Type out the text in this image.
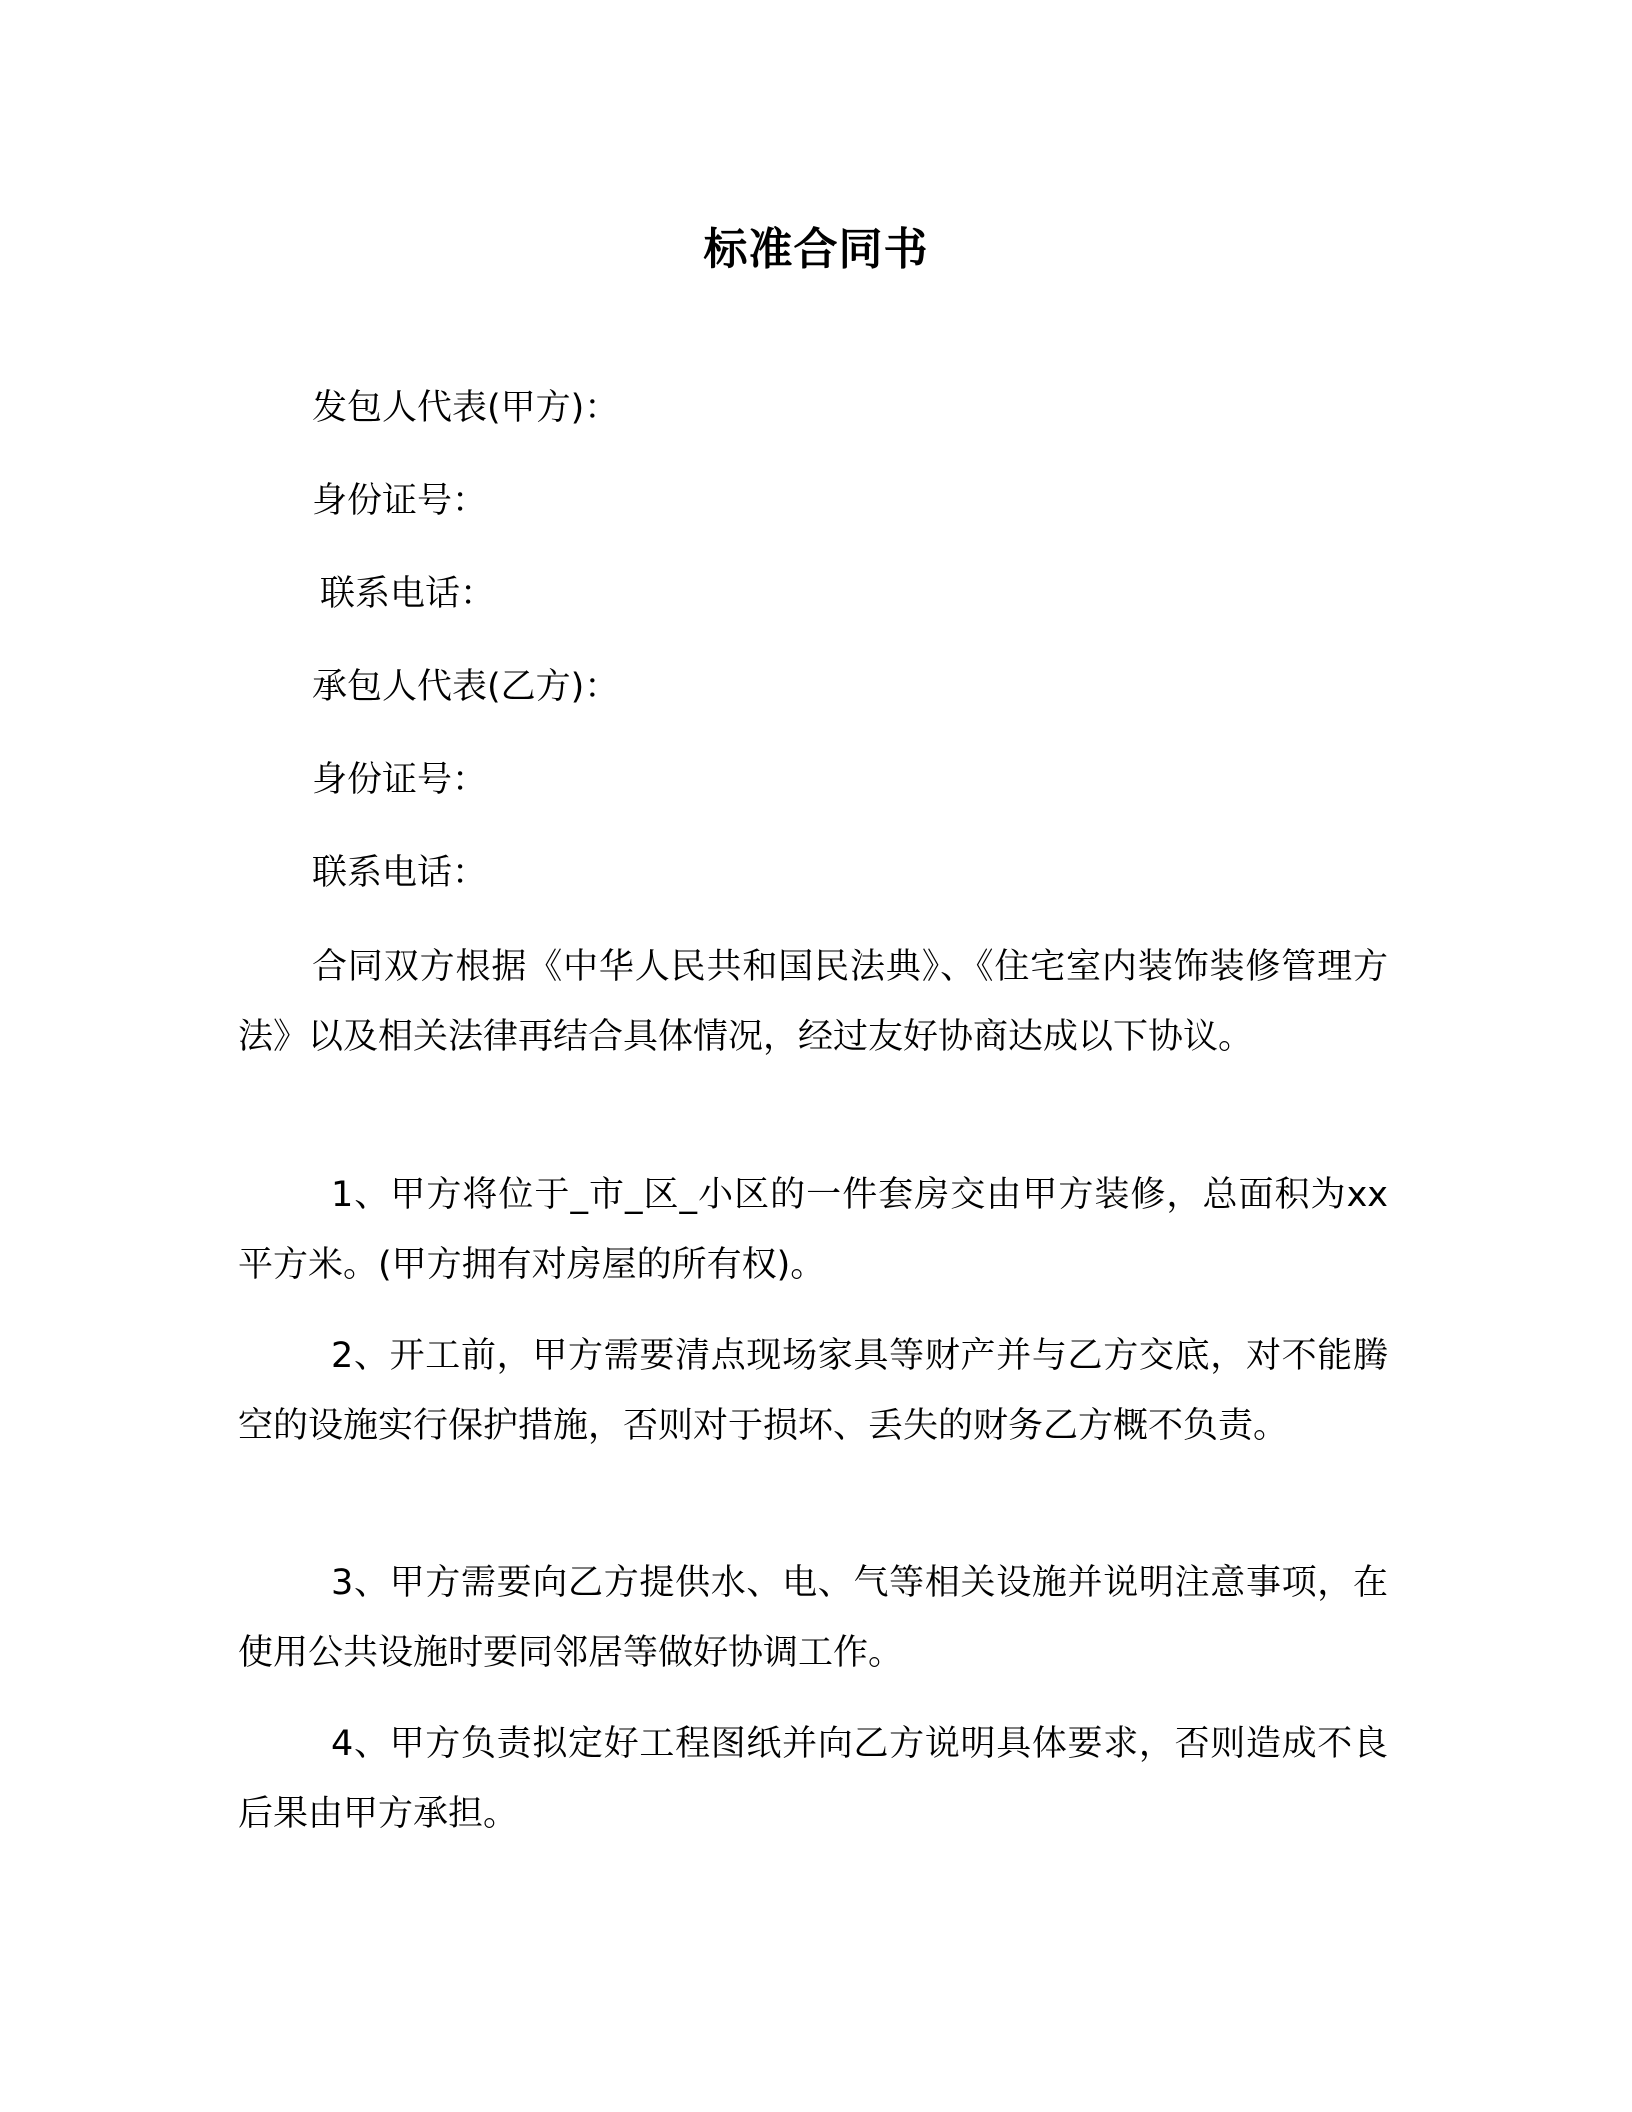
标准合同书
发包人代表(甲方)：
身份证号：
联系电话：
承包人代表(乙方)：
身份证号：
联系电话：

合同双方根据《中华人民共和国民法典》、《住宅室内装饰装修管理方法》以及相关法律再结合具体情况，经过友好协商达成以下协议。

1、甲方将位于_市_区_小区的一件套房交由甲方装修，总面积为xx 平方米。(甲方拥有对房屋的所有权)。

2、开工前，甲方需要清点现场家具等财产并与乙方交底，对不能腾空的设施实行保护措施，否则对于损坏、丢失的财务乙方概不负责。

3、甲方需要向乙方提供水、电、气等相关设施并说明注意事项，在使用公共设施时要同邻居等做好协调工作。

4、甲方负责拟定好工程图纸并向乙方说明具体要求，否则造成不良后果由甲方承担。
